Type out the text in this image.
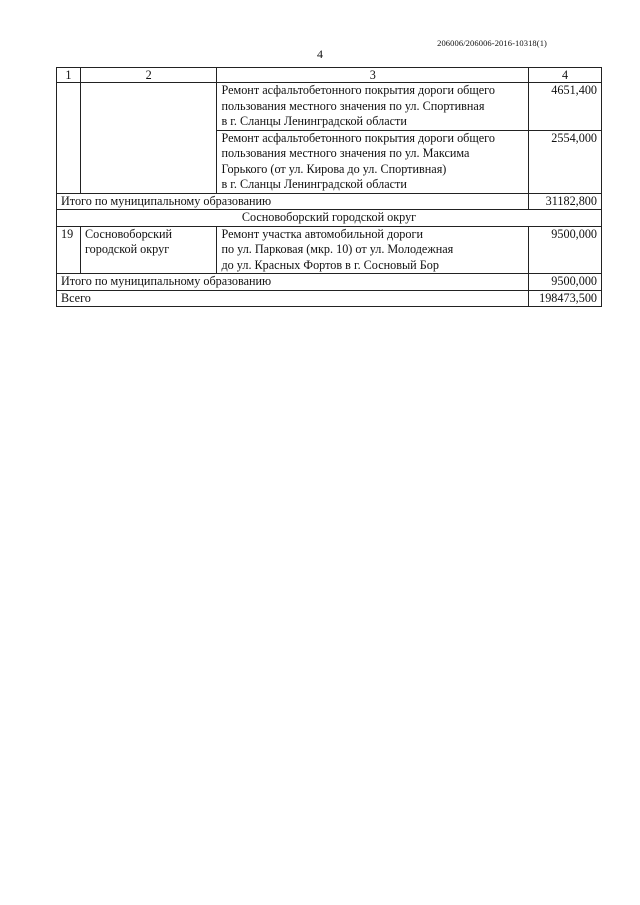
206006/206006-2016-10318(1)
4
1	2	3	4
		Ремонт асфальтобетонного покрытия дороги общего
пользования местного значения по ул. Спортивная
в г. Сланцы Ленинградской области	4651,400
		Ремонт асфальтобетонного покрытия дороги общего
пользования местного значения по ул. Максима
Горького (от ул. Кирова до ул. Спортивная)
в г. Сланцы Ленинградской области	2554,000
Итого по муниципальному образованию			31182,800
Сосновоборский городской округ			
19	Сосновоборский
городской округ	Ремонт участка автомобильной дороги
по ул. Парковая (мкр. 10) от ул. Молодежная
до ул. Красных Фортов в г. Сосновый Бор	9500,000
Итого по муниципальному образованию			9500,000
Всего			198473,500
